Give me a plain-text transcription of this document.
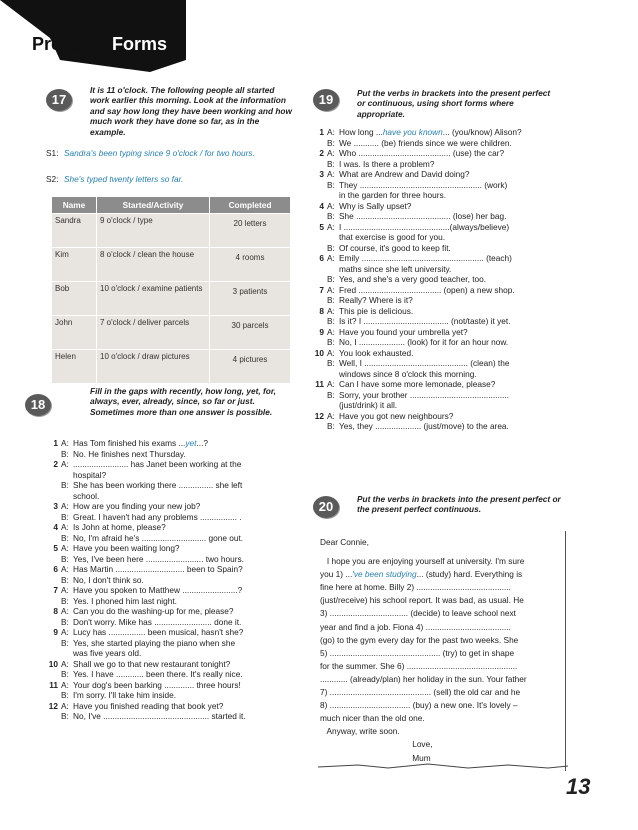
UNIT 1
Present Forms
17
It is 11 o'clock. The following people all started work earlier this morning. Look at the information and say how long they have been working and how much work they have done so far, as in the example.
S1: Sandra's been typing since 9 o'clock / for two hours.
S2: She's typed twenty letters so far.
Name	Started/Activity	Completed
Sandra	9 o'clock / type	20 letters
Kim	8 o'clock / clean the house	4 rooms
Bob	10 o'clock / examine patients	3 patients
John	7 o'clock / deliver parcels	30 parcels
Helen	10 o'clock / draw pictures	4 pictures
18
Fill in the gaps with recently, how long, yet, for, always, ever, already, since, so far or just. Sometimes more than one answer is possible.
1 A: Has Tom finished his exams ...yet...?
B: No. He finishes next Thursday.
2 A: ........................ has Janet been working at the
hospital?
B: She has been working there ............... she left
school.
3 A: How are you finding your new job?
B: Great. I haven't had any problems ................ .
4 A: Is John at home, please?
B: No, I'm afraid he's ............................ gone out.
5 A: Have you been waiting long?
B: Yes, I've been here ......................... two hours.
6 A: Has Martin .............................. been to Spain?
B: No, I don't think so.
7 A: Have you spoken to Matthew ........................?
B: Yes. I phoned him last night.
8 A: Can you do the washing-up for me, please?
B: Don't worry. Mike has ......................... done it.
9 A: Lucy has ................ been musical, hasn't she?
B: Yes, she started playing the piano when she
was five years old.
10 A: Shall we go to that new restaurant tonight?
B: Yes. I have ............ been there. It's really nice.
11 A: Your dog's been barking ............. three hours!
B: I'm sorry. I'll take him inside.
12 A: Have you finished reading that book yet?
B: No, I've .............................................. started it.
19	Put the verbs in brackets into the present perfect or continuous, using short forms where appropriate.
1 A: How long ...have you known... (you/know) Alison?
B: We ........... (be) friends since we were children.
2 A: Who ........................................ (use) the car?
B: I was. Is there a problem?
3 A: What are Andrew and David doing?
B: They ..................................................... (work)
in the garden for three hours.
4 A: Why is Sally upset?
B: She ......................................... (lose) her bag.
5 A: I ..............................................(always/believe)
that exercise is good for you.
B: Of course, it's good to keep fit.
6 A: Emily ..................................................... (teach)
maths since she left university.
B: Yes, and she's a very good teacher, too.
7 A: Fred .................................... (open) a new shop.
B: Really? Where is it?
8 A: This pie is delicious.
B: Is it? I ..................................... (not/taste) it yet.
9 A: Have you found your umbrella yet?
B: No, I .................... (look) for it for an hour now.
10 A: You look exhausted.
B: Well, I ............................................. (clean) the
windows since 8 o'clock this morning.
11 A: Can I have some more lemonade, please?
B: Sorry, your brother ...........................................
(just/drink) it all.
12 A: Have you got new neighbours?
B: Yes, they .................... (just/move) to the area.
20	Put the verbs in brackets into the present perfect or the present perfect continuous.
Dear Connie,
I hope you are enjoying yourself at university. I'm sure
you 1) ...'ve been studying... (study) hard. Everything is
fine here at home. Billy 2) .........................................
(just/receive) his school report. It was bad, as usual. He
3) .................................. (decide) to leave school next
year and find a job. Fiona 4) .....................................
(go) to the gym every day for the past two weeks. She
5) ................................................ (try) to get in shape
for the summer. She 6) ................................................
............ (already/plan) her holiday in the sun. Your father
7) ............................................ (sell) the old car and he
8) ................................... (buy) a new one. It's lovely –
much nicer than the old one.
Anyway, write soon.
Love,
Mum
13
